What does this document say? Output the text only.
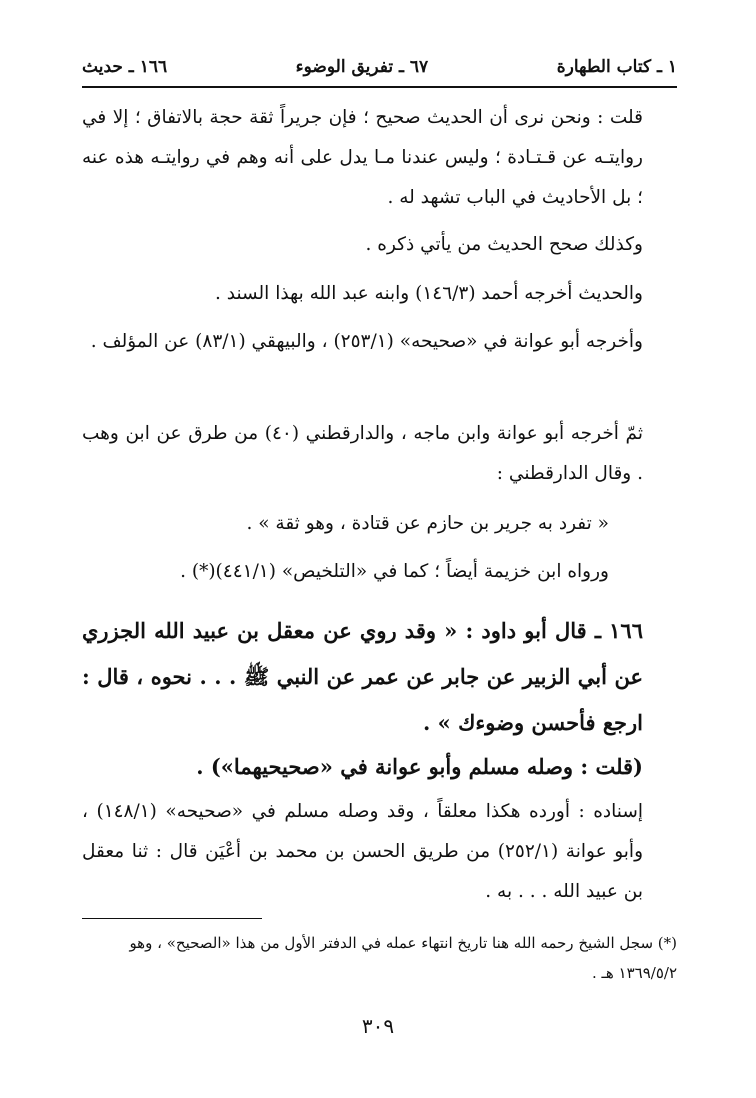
١ ـ كتاب الطهارة
٦٧ ـ تفريق الوضوء
١٦٦ ـ حديث

قلت : ونحن نرى أن الحديث صحيح ؛ فإن جريراً ثقة حجة بالاتفاق ؛ إلا في روايتـه عن قـتـادة ؛ وليس عندنا مـا يدل على أنه وهم في روايتـه هذه عنه ؛ بل الأحاديث في الباب تشهد له .

وكذلك صحح الحديث من يأتي ذكره .

والحديث أخرجه أحمد (١٤٦/٣) وابنه عبد الله بهذا السند .

وأخرجه أبو عوانة في «صحيحه» (٢٥٣/١) ، والبيهقي (٨٣/١) عن المؤلف .

ثمّ أخرجه أبو عوانة وابن ماجه ، والدارقطني (٤٠) من طرق عن ابن وهب . وقال الدارقطني :

« تفرد به جرير بن حازم عن قتادة ، وهو ثقة » .

ورواه ابن خزيمة أيضاً ؛ كما في «التلخيص» (٤٤١/١)(*) .

١٦٦ ـ قال أبو داود : « وقد روي عن معقل بن عبيد الله الجزري عن أبي الزبير عن جابر عن عمر عن النبي ﷺ . . . نحوه ، قال : ارجع فأحسن وضوءك » .
(قلت : وصله مسلم وأبو عوانة في «صحيحيهما») .

إسناده : أورده هكذا معلقاً ، وقد وصله مسلم في «صحيحه» (١٤٨/١) ، وأبو عوانة (٢٥٢/١) من طريق الحسن بن محمد بن أعْيَن قال : ثنا معقل بن عبيد الله . . . به .

(*) سجل الشيخ رحمه الله هنا تاريخ انتهاء عمله في الدفتر الأول من هذا «الصحيح» ، وهو ١٣٦٩/٥/٢ هـ .
٣٠٩
